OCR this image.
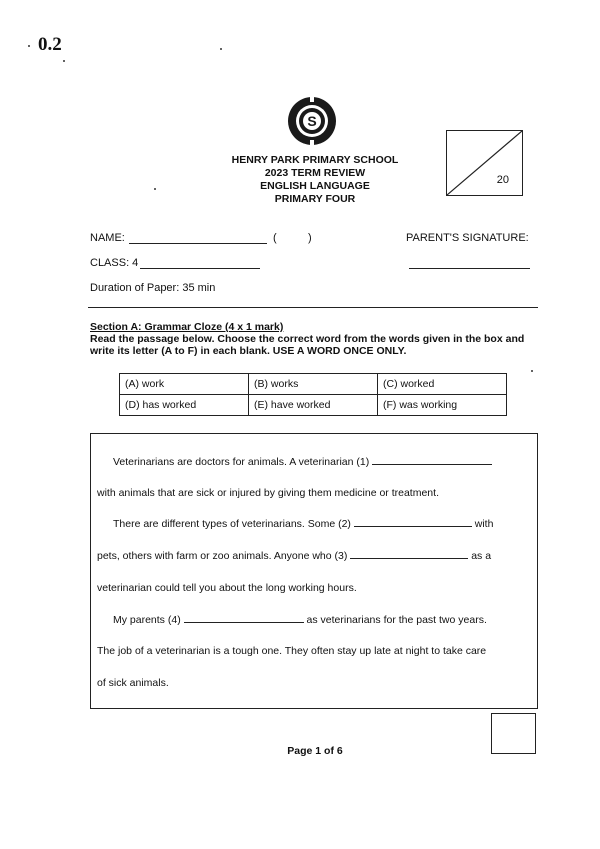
0.2
S
HENRY PARK PRIMARY SCHOOL
2023 TERM REVIEW
ENGLISH LANGUAGE
PRIMARY FOUR
20
NAME:	(	)	PARENT'S SIGNATURE:
CLASS: 4
Duration of Paper: 35 min
Section A: Grammar Cloze (4 x 1 mark)
Read the passage below. Choose the correct word from the words given in the box and write its letter (A to F) in each blank. USE A WORD ONCE ONLY.
(A) work	(B) works	(C) worked
(D) has worked	(E) have worked	(F) was working
Veterinarians are doctors for animals. A veterinarian (1)
with animals that are sick or injured by giving them medicine or treatment.
There are different types of veterinarians. Some (2)	with
pets, others with farm or zoo animals. Anyone who (3)	as a
veterinarian could tell you about the long working hours.
My parents (4)	as veterinarians for the past two years.
The job of a veterinarian is a tough one. They often stay up late at night to take care
of sick animals.
Page 1 of 6
